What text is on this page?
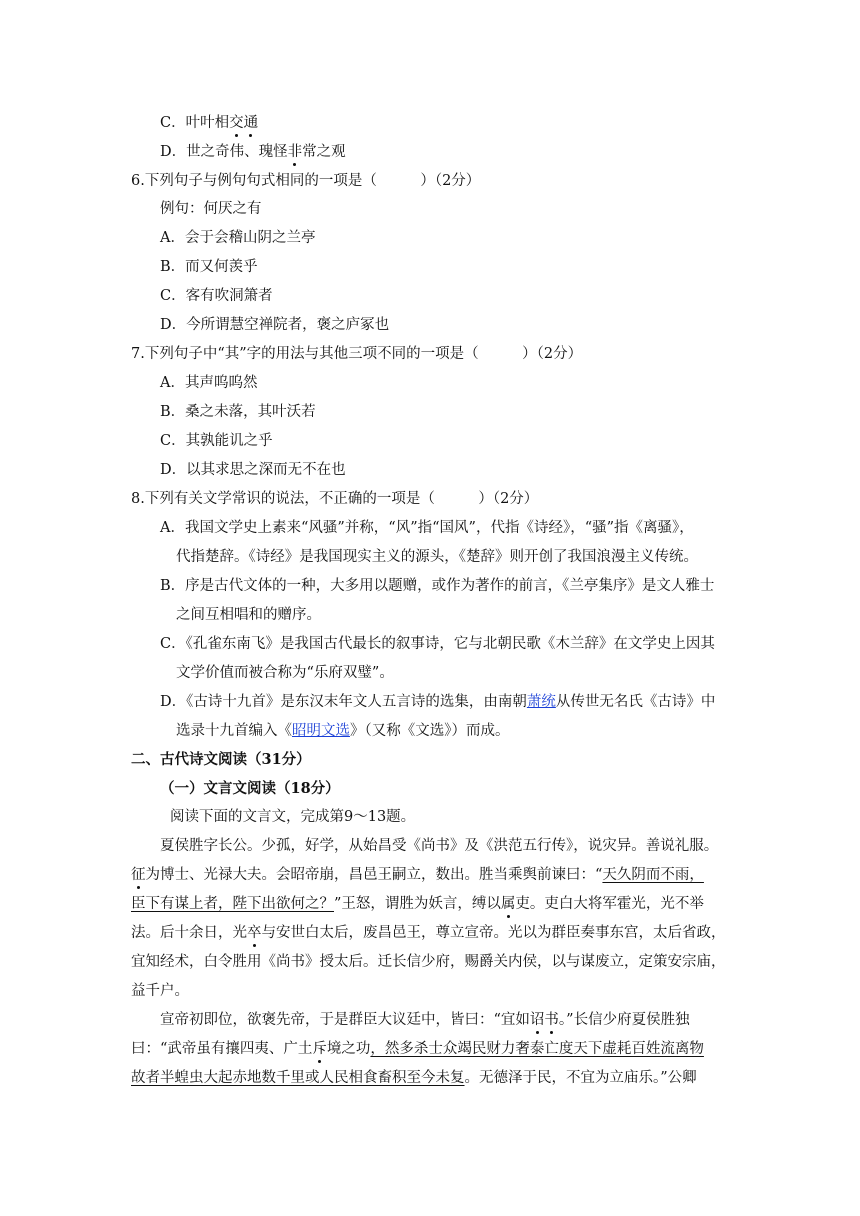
C．叶叶相交通
D．世之奇伟、瑰怪非常之观
6.下列句子与例句句式相同的一项是（　　　）（2分）
例句：何厌之有
A．会于会稽山阴之兰亭
B．而又何羡乎
C．客有吹洞箫者
D．今所谓慧空禅院者，褒之庐冢也
7.下列句子中“其”字的用法与其他三项不同的一项是（　　　）（2分）
A．其声呜呜然
B．桑之未落，其叶沃若
C．其孰能讥之乎
D．以其求思之深而无不在也
8.下列有关文学常识的说法，不正确的一项是（　　　）（2分）
A．我国文学史上素来“风骚”并称，“风”指“国风”，代指《诗经》，“骚”指《离骚》，
代指楚辞。《诗经》是我国现实主义的源头，《楚辞》则开创了我国浪漫主义传统。
B．序是古代文体的一种，大多用以题赠，或作为著作的前言，《兰亭集序》是文人雅士
之间互相唱和的赠序。
C．《孔雀东南飞》是我国古代最长的叙事诗，它与北朝民歌《木兰辞》在文学史上因其
文学价值而被合称为“乐府双璧”。
D．《古诗十九首》是东汉末年文人五言诗的选集，由南朝萧统从传世无名氏《古诗》中
选录十九首编入《昭明文选》（又称《文选》）而成。
二、古代诗文阅读（31分）
（一）文言文阅读（18分）
阅读下面的文言文，完成第9～13题。
夏侯胜字长公。少孤，好学，从始昌受《尚书》及《洪范五行传》，说灾异。善说礼服。
征为博士、光禄大夫。会昭帝崩，昌邑王嗣立，数出。胜当乘舆前谏曰：“天久阴而不雨，
臣下有谋上者，陛下出欲何之？”王怒，谓胜为妖言，缚以属吏。吏白大将军霍光，光不举
法。后十余日，光卒与安世白太后，废昌邑王，尊立宣帝。光以为群臣奏事东宫，太后省政，
宜知经术，白令胜用《尚书》授太后。迁长信少府，赐爵关内侯，以与谋废立，定策安宗庙，
益千户。
宣帝初即位，欲褒先帝，于是群臣大议廷中，皆曰：“宜如诏书。”长信少府夏侯胜独
曰：“武帝虽有攘四夷、广土斥境之功，然多杀士众竭民财力奢泰亡度天下虚耗百姓流离物
故者半蝗虫大起赤地数千里或人民相食畜积至今未复。无德泽于民，不宜为立庙乐。”公卿
